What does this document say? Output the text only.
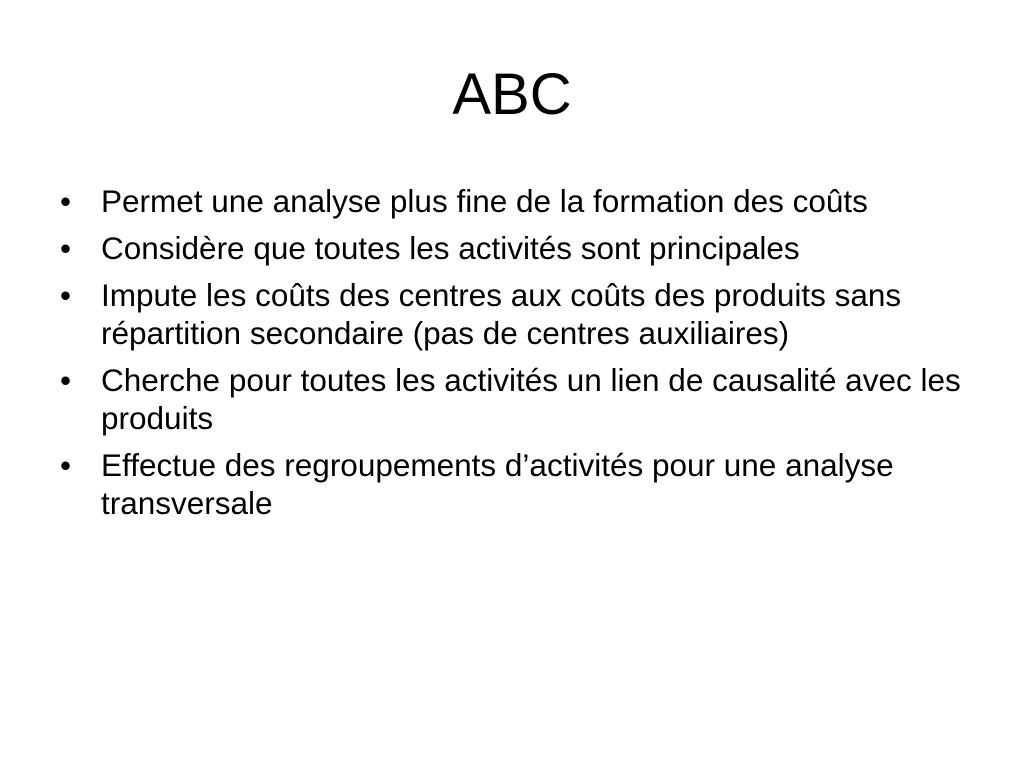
ABC
• Permet une analyse plus fine de la formation des coûts
• Considère que toutes les activités sont principales
• Impute les coûts des centres aux coûts des produits sans répartition secondaire (pas de centres auxiliaires)
• Cherche pour toutes les activités un lien de causalité avec les produits
• Effectue des regroupements d’activités pour une analyse transversale
